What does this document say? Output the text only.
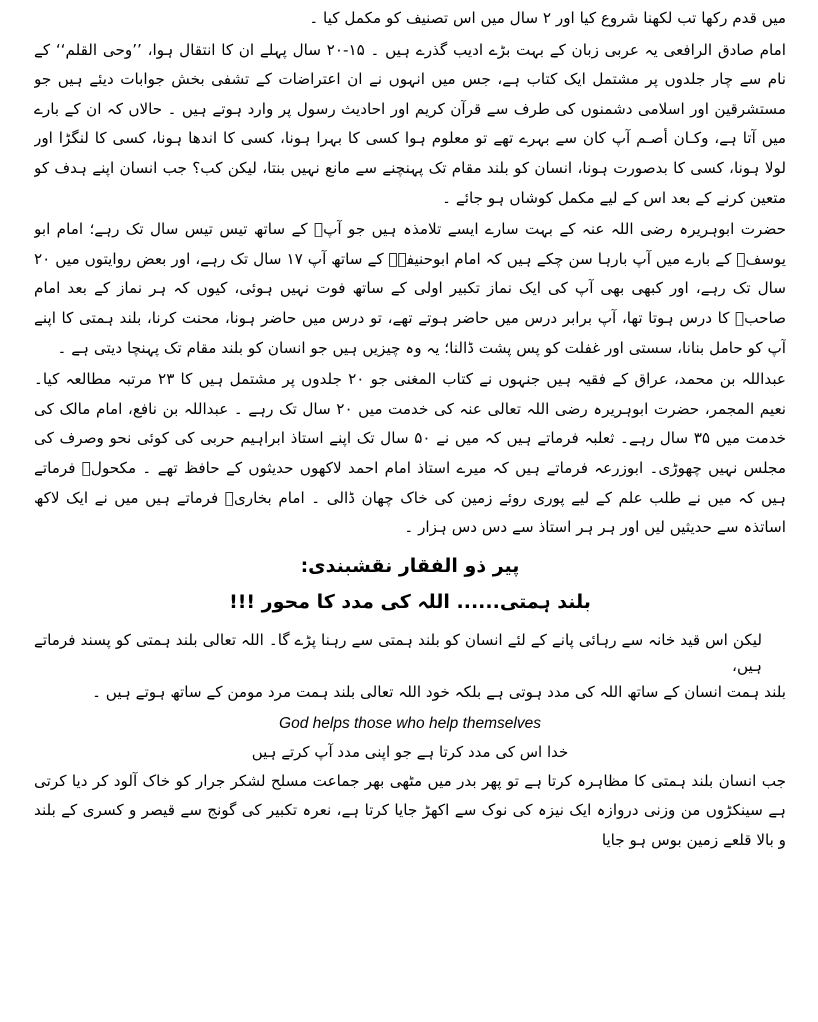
میں قدم رکھا تب لکھنا شروع کیا اور ۲ سال میں اس تصنیف کو مکمل کیا ۔

امام صادق الرافعی یہ عربی زبان کے بہت بڑے ادیب گذرے ہیں ۔ ۱۵-۲۰ سال پہلے ان کا انتقال ہوا، ’’وحی القلم‘‘ کے نام سے چار جلدوں پر مشتمل ایک کتاب ہے، جس میں انہوں نے ان اعتراضات کے تشفی بخش جوابات دیئے ہیں جو مستشرقین اور اسلامی دشمنوں کی طرف سے قرآن کریم اور احادیث رسول پر وارد ہوتے ہیں ۔ حالاں کہ ان کے بارے میں آتا ہے، وکـان أصـم آپ کان سے بہرے تھے تو معلوم ہوا کسی کا بہرا ہونا، کسی کا اندھا ہونا، کسی کا لنگڑا اور لولا ہونا، کسی کا بدصورت ہونا، انسان کو بلند مقام تک پہنچنے سے مانع نہیں بنتا، لیکن کب؟ جب انسان اپنے ہدف کو متعین کرنے کے بعد اس کے لیے مکمل کوشاں ہو جائے ۔

حضرت ابوہریرہ رضی اللہ عنہ کے بہت سارے ایسے تلامذہ ہیں جو آپؓ کے ساتھ تیس تیس سال تک رہے؛ امام ابو یوسفؒ کے بارے میں آپ بارہا سن چکے ہیں کہ امام ابوحنیفہؒ کے ساتھ آپ ۱۷ سال تک رہے، اور بعض روایتوں میں ۲۰ سال تک رہے، اور کبھی بھی آپ کی ایک نماز تکبیر اولی کے ساتھ فوت نہیں ہوئی، کیوں کہ ہر نماز کے بعد امام صاحبؒ کا درس ہوتا تھا، آپ برابر درس میں حاضر ہوتے تھے، تو درس میں حاضر ہونا، محنت کرنا، بلند ہمتی کا اپنے آپ کو حامل بنانا، سستی اور غفلت کو پس پشت ڈالنا؛ یہ وہ چیزیں ہیں جو انسان کو بلند مقام تک پہنچا دیتی ہے ۔

عبداللہ بن محمد، عراق کے فقیہ ہیں جنہوں نے کتاب المغنی جو ۲۰ جلدوں پر مشتمل ہیں کا ۲۳ مرتبہ مطالعہ کیا۔ نعیم المجمر، حضرت ابوہریرہ رضی اللہ تعالی عنہ کی خدمت میں ۲۰ سال تک رہے ۔ عبداللہ بن نافع، امام مالک کی خدمت میں ۳۵ سال رہے۔ ثعلبہ فرماتے ہیں کہ میں نے ۵۰ سال تک اپنے استاذ ابراہیم حربی کی کوئی نحو وصرف کی مجلس نہیں چھوڑی۔ ابوزرعہ فرماتے ہیں کہ میرے استاذ امام احمد لاکھوں حدیثوں کے حافظ تھے ۔ مکحولؒ فرماتے ہیں کہ میں نے طلب علم کے لیے پوری روئے زمین کی خاک چھان ڈالی ۔ امام بخاریؒ فرماتے ہیں میں نے ایک لاکھ اساتذہ سے حدیثیں لیں اور ہر ہر استاذ سے دس دس ہزار ۔

پیر ذو الفقار نقشبندی:

بلند ہمتی...... اللہ کی مدد کا محور !!!

لیکن اس قید خانہ سے رہائی پانے کے لئے انسان کو بلند ہمتی سے رہنا پڑے گا۔ اللہ تعالی بلند ہمتی کو پسند فرماتے ہیں،

بلند ہمت انسان کے ساتھ اللہ کی مدد ہوتی ہے بلکہ خود اللہ تعالی بلند ہمت مرد مومن کے ساتھ ہوتے ہیں ۔

God helps those who help themselves

خدا اس کی مدد کرتا ہے جو اپنی مدد آپ کرتے ہیں

جب انسان بلند ہمتی کا مظاہرہ کرتا ہے تو پھر بدر میں مٹھی بھر جماعت مسلح لشکر جرار کو خاک آلود کر دیا کرتی ہے سینکڑوں من وزنی دروازہ ایک نیزہ کی نوک سے اکھڑ جایا کرتا ہے، نعرہ تکبیر کی گونج سے قیصر و کسری کے بلند و بالا قلعے زمین بوس ہو جایا
